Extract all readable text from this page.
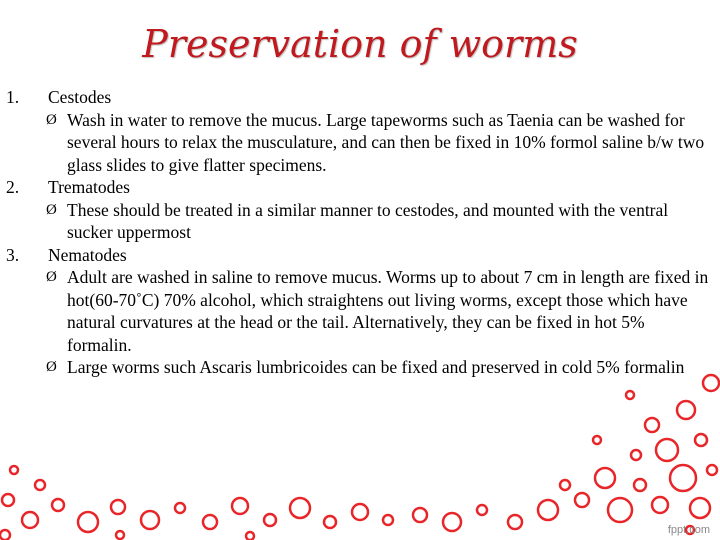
Preservation of worms
1. Cestodes
Ø Wash in water to remove the mucus. Large tapeworms such as Taenia can be washed for several hours to relax the musculature, and can then be fixed in 10% formol saline b/w two glass slides to give flatter specimens.
2. Trematodes
Ø These should be treated in a similar manner to cestodes, and mounted with the ventral sucker uppermost
3. Nematodes
Ø Adult are washed in saline to remove mucus. Worms up to about 7 cm in length are fixed in hot(60-70˚C) 70% alcohol, which straightens out living worms, except those which have natural curvatures at the head or the tail. Alternatively, they can be fixed in hot 5% formalin.
Ø Large worms such Ascaris lumbricoides can be fixed and preserved in cold 5% formalin
fppt.com
